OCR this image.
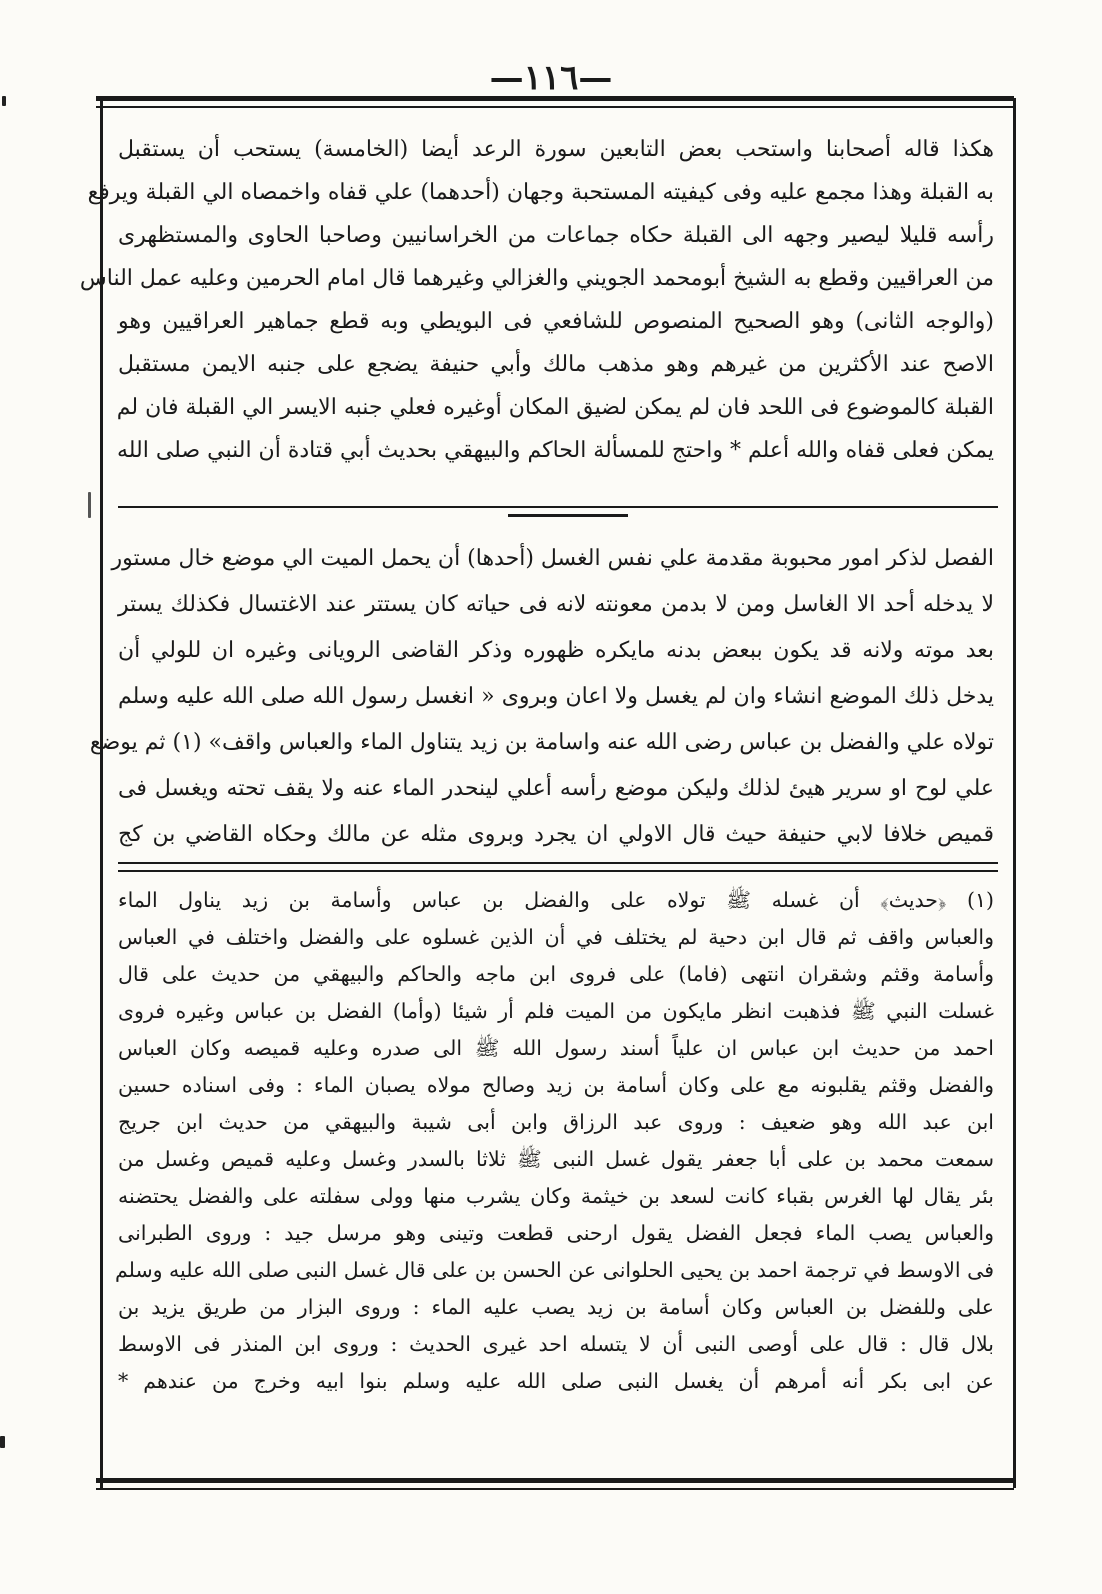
—١١٦—
هكذا قاله أصحابنا واستحب بعض التابعين سورة الرعد أيضا (الخامسة) يستحب أن يستقبل
به القبلة وهذا مجمع عليه وفى كيفيته المستحبة وجهان (أحدهما) علي قفاه واخمصاه الي القبلة ويرفع
رأسه قليلا ليصير وجهه الى القبلة حكاه جماعات من الخراسانيين وصاحبا الحاوى والمستظهرى
من العراقيين وقطع به الشيخ أبومحمد الجويني والغزالي وغيرهما قال امام الحرمين وعليه عمل الناس
(والوجه الثانى) وهو الصحيح المنصوص للشافعي فى البويطي وبه قطع جماهير العراقيين وهو
الاصح عند الأكثرين من غيرهم وهو مذهب مالك وأبي حنيفة يضجع على جنبه الايمن مستقبل
القبلة كالموضوع فى اللحد فان لم يمكن لضيق المكان أوغيره فعلي جنبه الايسر الي القبلة فان لم
يمكن فعلى قفاه والله أعلم * واحتج للمسألة الحاكم والبيهقي بحديث أبي قتادة أن النبي صلى الله
الفصل لذكر امور محبوبة مقدمة علي نفس الغسل (أحدها) أن يحمل الميت الي موضع خال مستور
لا يدخله أحد الا الغاسل ومن لا بدمن معونته لانه فى حياته كان يستتر عند الاغتسال فكذلك يستر
بعد موته ولانه قد يكون ببعض بدنه مايكره ظهوره وذكر القاضى الرويانى وغيره ان للولي أن
يدخل ذلك الموضع انشاء وان لم يغسل ولا اعان وبروى « انغسل رسول الله صلى الله عليه وسلم
تولاه علي والفضل بن عباس رضى الله عنه واسامة بن زيد يتناول الماء والعباس واقف» (١) ثم يوضع
علي لوح او سرير هيئ لذلك وليكن موضع رأسه أعلي لينحدر الماء عنه ولا يقف تحته ويغسل فى
قميص خلافا لابي حنيفة حيث قال الاولي ان يجرد وبروى مثله عن مالك وحكاه القاضي بن كج
(١) ﴿حديث﴾ أن غسله ﷺ تولاه على والفضل بن عباس وأسامة بن زيد يناول الماء
والعباس واقف ثم قال ابن دحية لم يختلف في أن الذين غسلوه على والفضل واختلف في العباس
وأسامة وقثم وشقران انتهى (فاما) على فروى ابن ماجه والحاكم والبيهقي من حديث على قال
غسلت النبي ﷺ فذهبت انظر مايكون من الميت فلم أر شيئا (وأما) الفضل بن عباس وغيره فروى
احمد من حديث ابن عباس ان علياً أسند رسول الله ﷺ الى صدره وعليه قميصه وكان العباس
والفضل وقثم يقلبونه مع على وكان أسامة بن زيد وصالح مولاه يصبان الماء : وفى اسناده حسين
ابن عبد الله وهو ضعيف : وروى عبد الرزاق وابن أبى شيبة والبيهقي من حديث ابن جريج
سمعت محمد بن على أبا جعفر يقول غسل النبى ﷺ ثلاثا بالسدر وغسل وعليه قميص وغسل من
بئر يقال لها الغرس بقباء كانت لسعد بن خيثمة وكان يشرب منها وولى سفلته على والفضل يحتضنه
والعباس يصب الماء فجعل الفضل يقول ارحنى قطعت وتينى وهو مرسل جيد : وروى الطبرانى
فى الاوسط في ترجمة احمد بن يحيى الحلوانى عن الحسن بن على قال غسل النبى صلى الله عليه وسلم
على وللفضل بن العباس وكان أسامة بن زيد يصب عليه الماء : وروى البزار من طريق يزيد بن
بلال قال : قال على أوصى النبى أن لا يتسله احد غيرى الحديث : وروى ابن المنذر فى الاوسط
عن ابى بكر أنه أمرهم أن يغسل النبى صلى الله عليه وسلم بنوا ابيه وخرج من عندهم *
